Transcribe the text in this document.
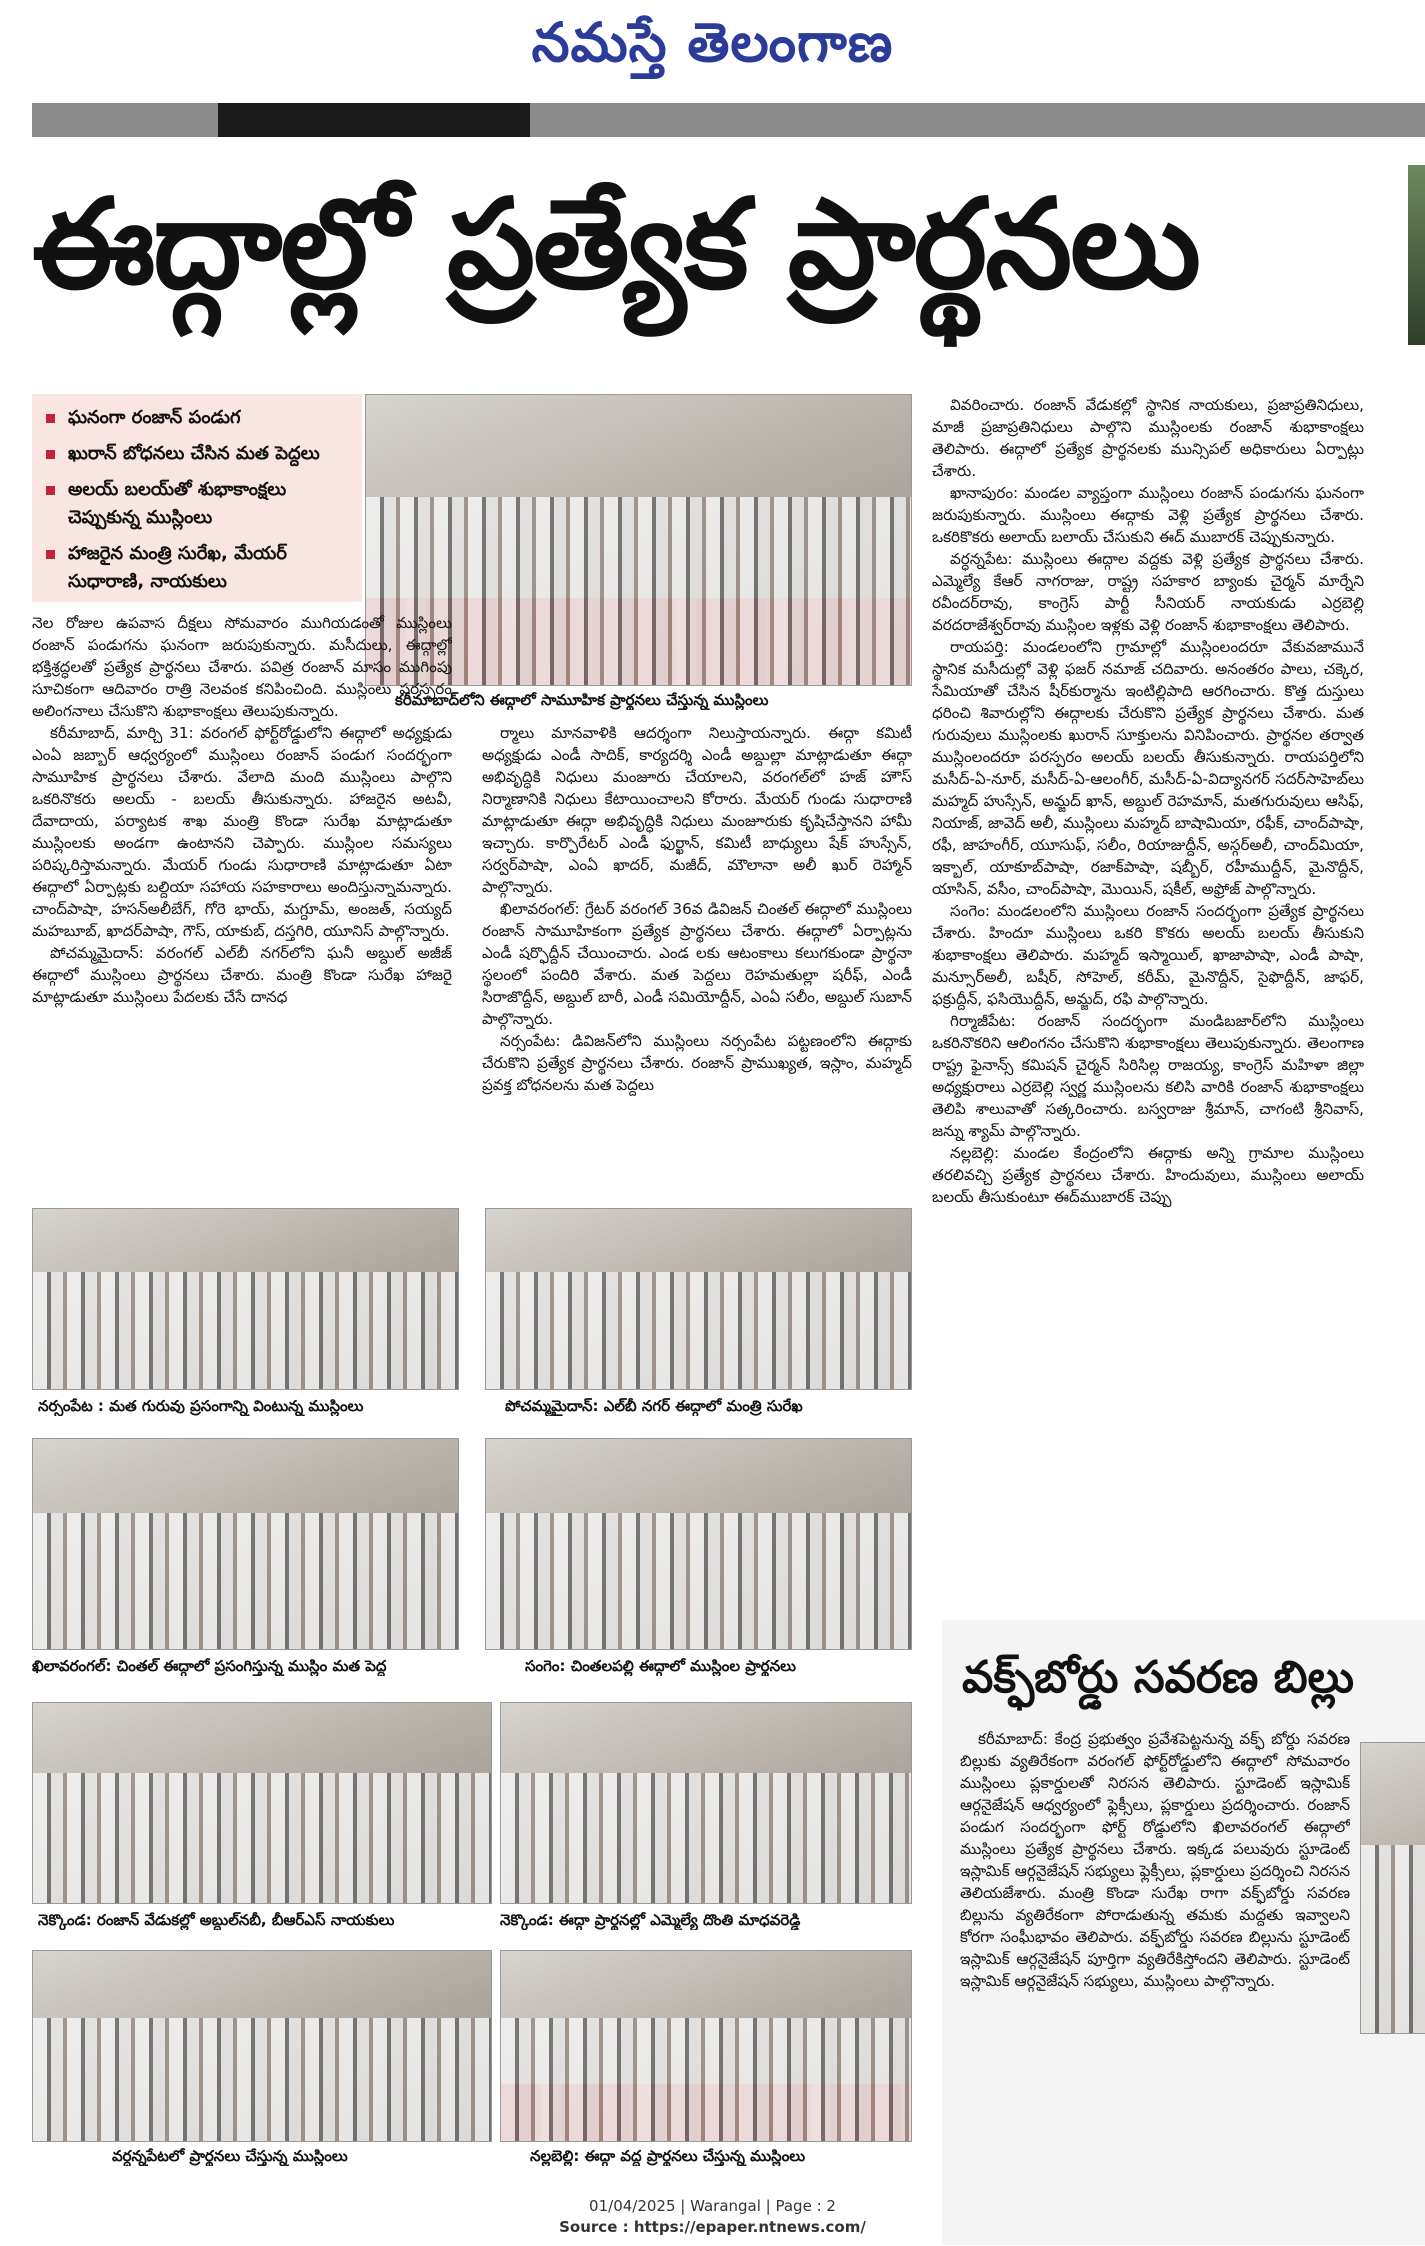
నమస్తే తెలంగాణ
ఈద్గాల్లో ప్రత్యేక ప్రార్థనలు
ఘనంగా రంజాన్ పండుగ
ఖురాన్ బోధనలు చేసిన మత పెద్దలు
అలయ్ బలయ్‌తో శుభాకాంక్షలు చెప్పుకున్న ముస్లింలు
హాజరైన మంత్రి సురేఖ, మేయర్ సుధారాణి, నాయకులు
కరీమాబాద్‌లోని ఈద్గాలో సామూహిక ప్రార్థనలు చేస్తున్న ముస్లింలు

నెల రోజుల ఉపవాస దీక్షలు సోమవారం ముగియడంతో ముస్లింలు రంజాన్ పండుగను ఘనంగా జరుపుకున్నారు. మసీదులు, ఈద్గాల్లో భక్తిశ్రద్ధలతో ప్రత్యేక ప్రార్థనలు చేశారు. పవిత్ర రంజాన్ మాసం ముగింపు సూచికంగా ఆదివారం రాత్రి నెలవంక కనిపించింది. ముస్లింలు పరస్పరం అలింగనాలు చేసుకొని శుభాకాంక్షలు తెలుపుకున్నారు.

కరీమాబాద్, మార్చి 31: వరంగల్ ఫోర్ట్‌రోడ్డులోని ఈద్గాలో అధ్యక్షుడు ఎంఏ జబ్బార్ ఆధ్వర్యంలో ముస్లింలు రంజాన్ పండుగ సందర్భంగా సామూహిక ప్రార్థనలు చేశారు. వేలాది మంది ముస్లింలు పాల్గొని ఒకరినొకరు అలయ్ - బలయ్ తీసుకున్నారు. హాజరైన అటవీ, దేవాదాయ, పర్యాటక శాఖ మంత్రి కొండా సురేఖ మాట్లాడుతూ ముస్లింలకు అండగా ఉంటానని చెప్పారు. ముస్లింల సమస్యలు పరిష్కరిస్తామన్నారు. మేయర్ గుండు సుధారాణి మాట్లాడుతూ ఏటా ఈద్గాలో ఏర్పాట్లకు బల్దియా సహాయ సహకారాలు అందిస్తున్నామన్నారు. చాంద్‌పాషా, హసన్‌అలీబేగ్, గోరె భాయ్, మగ్దూమ్, అంజత్, సయ్యద్ మహబూబ్, ఖాదర్‌పాషా, గౌస్, యాకుబ్, దస్తగిరి, యూనిస్ పాల్గొన్నారు.

పోచమ్మమైదాన్: వరంగల్ ఎల్‌బీ నగర్‌లోని ఘనీ అబ్దుల్ అజీజ్ ఈద్గాలో ముస్లింలు ప్రార్థనలు చేశారు. మంత్రి కొండా సురేఖ హాజరై మాట్లాడుతూ ముస్లింలు పేదలకు చేసే దానధ

ర్మాలు మానవాళికి ఆదర్శంగా నిలుస్తాయన్నారు. ఈద్గా కమిటీ అధ్యక్షుడు ఎండీ సాదిక్, కార్యదర్శి ఎండీ అబ్దుల్లా మాట్లాడుతూ ఈద్గా అభివృద్ధికి నిధులు మంజూరు చేయాలని, వరంగల్‌లో హజ్ హౌస్ నిర్మాణానికి నిధులు కేటాయించాలని కోరారు. మేయర్ గుండు సుధారాణి మాట్లాడుతూ ఈద్గా అభివృద్ధికి నిధులు మంజూరుకు కృషిచేస్తానని హామీ ఇచ్చారు. కార్పొరేటర్ ఎండీ ఫుర్ఖాన్, కమిటీ బాధ్యులు షేక్ హుస్సేన్, సర్వర్‌పాషా, ఎంఏ ఖాదర్, మజీద్, మౌలానా అలీ ఖుర్ రెహ్మాన్ పాల్గొన్నారు.

ఖిలావరంగల్: గ్రేటర్ వరంగల్ 36వ డివిజన్ చింతల్ ఈద్గాలో ముస్లింలు రంజాన్ సామూహికంగా ప్రత్యేక ప్రార్థనలు చేశారు. ఈద్గాలో ఏర్పాట్లను ఎండీ షర్ఫొద్దీన్ చేయించారు. ఎండ లకు ఆటంకాలు కలుగకుండా ప్రార్థనా స్థలంలో పందిరి వేశారు. మత పెద్దలు రెహమతుల్లా షరీఫ్, ఎండీ సిరాజొద్దీన్, అబ్దుల్ బారీ, ఎండీ సమియోద్దీన్, ఎంఏ సలీం, అబ్దుల్ సుబాన్ పాల్గొన్నారు.

నర్సంపేట: డివిజన్‌లోని ముస్లింలు నర్సంపేట పట్టణంలోని ఈద్గాకు చేరుకొని ప్రత్యేక ప్రార్థనలు చేశారు. రంజాన్ ప్రాముఖ్యత, ఇస్లాం, మహ్మద్ ప్రవక్త బోధనలను మత పెద్దలు

వివరించారు. రంజాన్ వేడుకల్లో స్థానిక నాయకులు, ప్రజాప్రతినిధులు, మాజీ ప్రజాప్రతినిధులు పాల్గొని ముస్లింలకు రంజాన్ శుభాకాంక్షలు తెలిపారు. ఈద్గాలో ప్రత్యేక ప్రార్థనలకు మున్సిపల్ అధికారులు ఏర్పాట్లు చేశారు.

ఖానాపురం: మండల వ్యాప్తంగా ముస్లింలు రంజాన్ పండుగను ఘనంగా జరుపుకున్నారు. ముస్లింలు ఈద్గాకు వెళ్లి ప్రత్యేక ప్రార్థనలు చేశారు. ఒకరికొకరు అలాయ్ బలాయ్ చేసుకుని ఈద్ ముబారక్ చెప్పుకున్నారు.

వర్ధన్నపేట: ముస్లింలు ఈద్గాల వద్దకు వెళ్లి ప్రత్యేక ప్రార్థనలు చేశారు. ఎమ్మెల్యే కేఆర్ నాగరాజు, రాష్ట్ర సహకార బ్యాంకు చైర్మన్ మార్నేని రవీందర్‌రావు, కాంగ్రెస్ పార్టీ సీనియర్ నాయకుడు ఎర్రబెల్లి వరదరాజేశ్వర్‌రావు ముస్లింల ఇళ్లకు వెళ్లి రంజాన్ శుభాకాంక్షలు తెలిపారు.

రాయపర్తి: మండలంలోని గ్రామాల్లో ముస్లింలందరూ వేకువజామునే స్థానిక మసీదుల్లో వెళ్లి ఫజర్ నమాజ్ చదివారు. అనంతరం పాలు, చక్కెర, సేమియాతో చేసిన షీర్‌కుర్మాను ఇంటిల్లిపాది ఆరగించారు. కొత్త దుస్తులు ధరించి శివారుల్లోని ఈద్గాలకు చేరుకొని ప్రత్యేక ప్రార్థనలు చేశారు. మత గురువులు ముస్లింలకు ఖురాన్ సూక్తులను వినిపించారు. ప్రార్థనల తర్వాత ముస్లింలందరూ పరస్పరం అలయ్ బలయ్ తీసుకున్నారు. రాయపర్తిలోని మసీద్-ఏ-నూర్, మసీద్-ఏ-ఆలంగీర్, మసీద్-ఏ-విద్యానగర్ సదర్‌సాహెబ్‌లు మహ్మద్ హుస్సేన్, అమ్జద్ ఖాన్, అబ్దుల్ రెహమాన్, మతగురువులు ఆసిఫ్, నియాజ్, జావెద్ అలీ, ముస్లింలు మహ్మద్ బాషామియా, రఫీక్, చాంద్‌పాషా, రఫీ, జాహంగీర్, యూసుఫ్, సలీం, రియాజుద్దీన్, అస్గర్‌అలీ, చాంద్‌మియా, ఇక్బాల్, యాకూబ్‌పాషా, రజాక్‌పాషా, షబ్బీర్, రహీముద్దీన్, మైనొద్దీన్, యాసిన్, వసీం, చాంద్‌పాషా, మొయిన్, షకీల్, అఫ్రోజ్ పాల్గొన్నారు.

సంగెం: మండలంలోని ముస్లింలు రంజాన్ సందర్భంగా ప్రత్యేక ప్రార్థనలు చేశారు. హిందూ ముస్లింలు ఒకరి కొకరు అలయ్ బలయ్ తీసుకుని శుభాకాంక్షలు తెలిపారు. మహ్మద్ ఇస్మాయిల్, ఖాజాపాషా, ఎండీ పాషా, మన్సూర్‌అలీ, బషీర్, సోహెల్, కరీమ్, మైనొద్దీన్, సైఫొద్దీన్, జాఫర్, ఫక్రుద్దీన్, ఫసియొద్దీన్, అమ్జద్, రఫి పాల్గొన్నారు.

గిర్మాజీపేట: రంజాన్ సందర్భంగా మండిబజార్‌లోని ముస్లింలు ఒకరినొకరిని ఆలింగనం చేసుకొని శుభాకాంక్షలు తెలుపుకున్నారు. తెలంగాణ రాష్ట్ర ఫైనాన్స్ కమిషన్ చైర్మన్ సిరిసిల్ల రాజయ్య, కాంగ్రెస్ మహిళా జిల్లా అధ్యక్షురాలు ఎర్రబెల్లి స్వర్ణ ముస్లింలను కలిసి వారికి రంజాన్ శుభాకాంక్షలు తెలిపి శాలువాతో సత్కరించారు. బస్వరాజు శ్రీమాన్, చాగంటి శ్రీనివాస్, జన్ను శ్యామ్ పాల్గొన్నారు.

నల్లబెల్లి: మండల కేంద్రంలోని ఈద్గాకు అన్ని గ్రామాల ముస్లింలు తరలివచ్చి ప్రత్యేక ప్రార్థనలు చేశారు. హిందువులు, ముస్లింలు అలాయ్ బలయ్ తీసుకుంటూ ఈద్‌ముబారక్ చెప్పు

నర్సంపేట : మత గురువు ప్రసంగాన్ని వింటున్న ముస్లింలు	పోచమ్మమైదాన్: ఎల్‌బీ నగర్ ఈద్గాలో మంత్రి సురేఖ
ఖిలావరంగల్: చింతల్ ఈద్గాలో ప్రసంగిస్తున్న ముస్లిం మత పెద్ద	సంగెం: చింతలపల్లి ఈద్గాలో ముస్లింల ప్రార్థనలు
నెక్కొండ: రంజాన్ వేడుకల్లో అబ్దుల్‌నబీ, బీఆర్‌ఎస్ నాయకులు	నెక్కొండ: ఈద్గా ప్రార్థనల్లో ఎమ్మెల్యే దొంతి మాధవరెడ్డి
వర్ధన్నపేటలో ప్రార్థనలు చేస్తున్న ముస్లింలు	నల్లబెల్లి: ఈద్గా వద్ద ప్రార్థనలు చేస్తున్న ముస్లింలు
వక్ఫ్‌బోర్డు సవరణ బిల్లు

కరీమాబాద్: కేంద్ర ప్రభుత్వం ప్రవేశపెట్టనున్న వక్ఫ్ బోర్డు సవరణ బిల్లుకు వ్యతిరేకంగా వరంగల్ ఫోర్ట్‌రోడ్డులోని ఈద్గాలో సోమవారం ముస్లింలు ప్లకార్డులతో నిరసన తెలిపారు. స్టూడెంట్ ఇస్లామిక్ ఆర్గనైజేషన్ ఆధ్వర్యంలో ఫ్లెక్సీలు, ప్లకార్డులు ప్రదర్శించారు. రంజాన్ పండుగ సందర్భంగా ఫోర్ట్ రోడ్డులోని ఖిలావరంగల్ ఈద్గాలో ముస్లింలు ప్రత్యేక ప్రార్థనలు చేశారు. ఇక్కడ పలువురు స్టూడెంట్ ఇస్లామిక్ ఆర్గనైజేషన్ సభ్యులు ఫ్లెక్సీలు, ప్లకార్డులు ప్రదర్శించి నిరసన తెలియజేశారు. మంత్రి కొండా సురేఖ రాగా వక్ఫ్‌బోర్డు సవరణ బిల్లును వ్యతిరేకంగా పోరాడుతున్న తమకు మద్దతు ఇవ్వాలని కోరగా సంఘీభావం తెలిపారు. వక్ఫ్‌బోర్డు సవరణ బిల్లును స్టూడెంట్ ఇస్లామిక్ ఆర్గనైజేషన్ పూర్తిగా వ్యతిరేకిస్తోందని తెలిపారు. స్టూడెంట్ ఇస్లామిక్ ఆర్గనైజేషన్ సభ్యులు, ముస్లింలు పాల్గొన్నారు.

01/04/2025 | Warangal | Page : 2
Source : https://epaper.ntnews.com/
